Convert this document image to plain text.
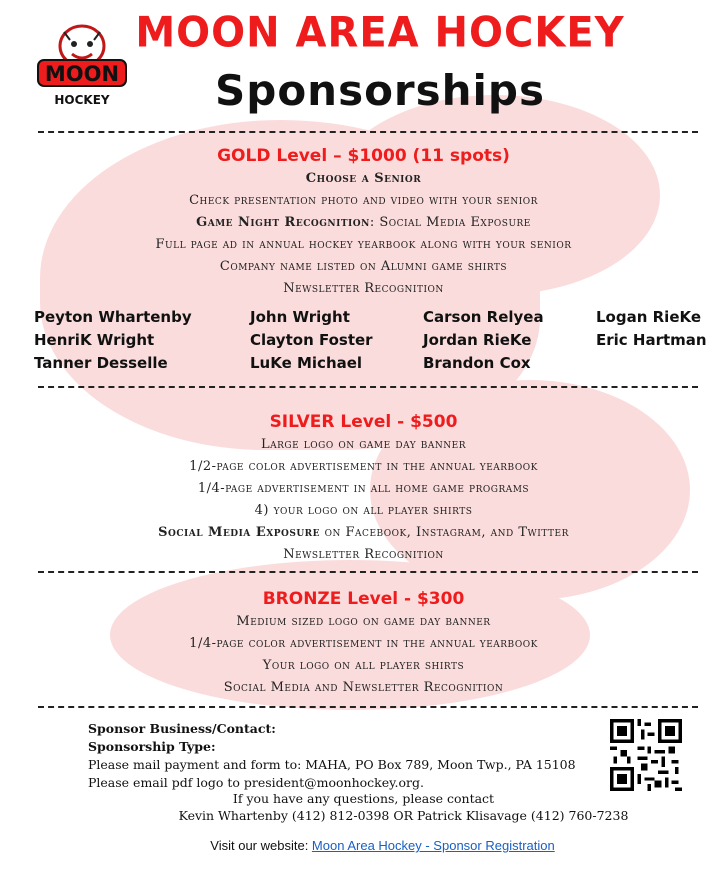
MOON
HOCKEY
MOON AREA HOCKEY
Sponsorships
GOLD Level – $1000 (11 spots)
Choose a Senior
Check presentation photo and video with your senior
Game Night Recognition: Social Media Exposure
Full page ad in annual hockey yearbook along with your senior
Company name listed on Alumni game shirts
Newsletter Recognition
Peyton Whartenby
HenriK Wright
Tanner Desselle
John Wright
Clayton Foster
LuKe Michael
Carson Relyea
Jordan RieKe
Brandon Cox
Logan RieKe
Eric Hartman
SILVER Level - $500
Large logo on game day banner
1/2-page color advertisement in the annual yearbook
1/4-page advertisement in all home game programs
4) your logo on all player shirts
Social Media Exposure on Facebook, Instagram, and Twitter
Newsletter Recognition
BRONZE Level - $300
Medium sized logo on game day banner
1/4-page color advertisement in the annual yearbook
Your logo on all player shirts
Social Media and Newsletter Recognition
Sponsor Business/Contact:
Sponsorship Type:
Please mail payment and form to: MAHA, PO Box 789, Moon Twp., PA 15108
Please email pdf logo to president@moonhockey.org.
If you have any questions, please contact
Kevin Whartenby (412) 812-0398 OR Patrick Klisavage (412) 760-7238
Visit our website: Moon Area Hockey - Sponsor Registration
